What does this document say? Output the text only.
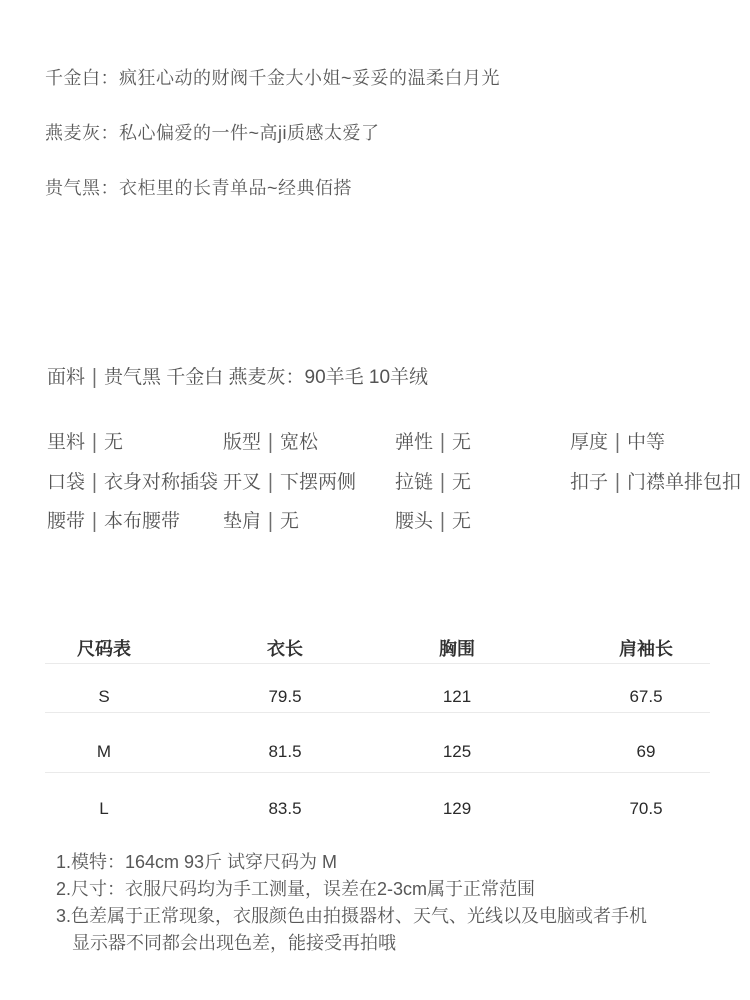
千金白：疯狂心动的财阀千金大小姐~妥妥的温柔白月光
燕麦灰：私心偏爱的一件~高ji质感太爱了
贵气黑：衣柜里的长青单品~经典佰搭
面料 | 贵气黑 千金白 燕麦灰：90羊毛 10羊绒
里料 | 无	版型 | 宽松	弹性 | 无	厚度 | 中等
口袋 | 衣身对称插袋 开叉 | 下摆两侧 拉链 | 无	扣子 | 门襟单排包扣
腰带 | 本布腰带 垫肩 | 无	腰头 | 无
尺码表	衣长	胸围	肩袖长
S	79.5	121	67.5
M	81.5	125	69
L	83.5	129	70.5
1.模特：164cm 93斤 试穿尺码为 M
2.尺寸：衣服尺码均为手工测量，误差在2-3cm属于正常范围
3.色差属于正常现象，衣服颜色由拍摄器材、天气、光线以及电脑或者手机
显示器不同都会出现色差，能接受再拍哦
